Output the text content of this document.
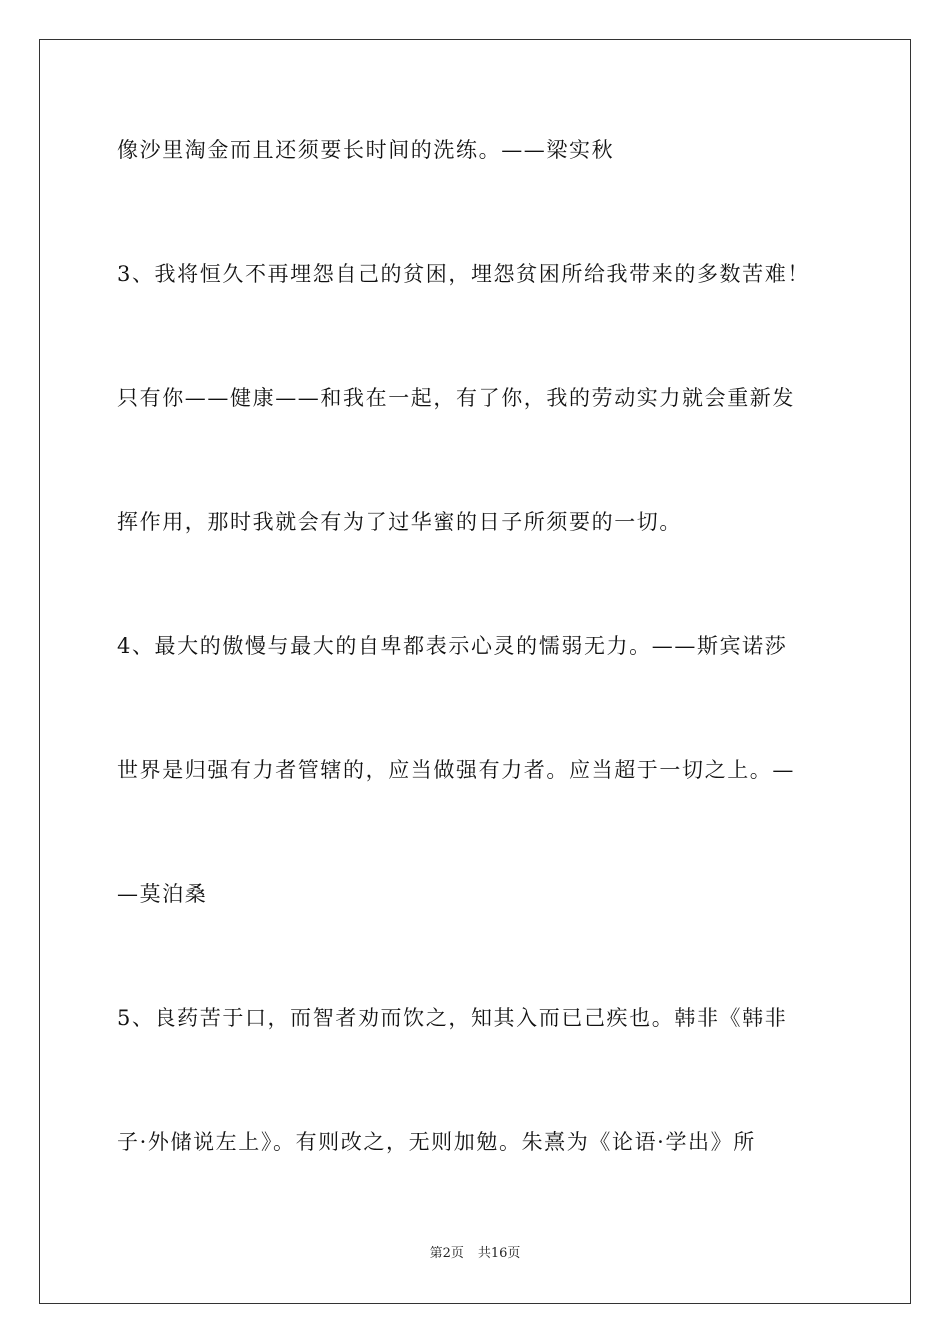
像沙里淘金而且还须要长时间的洗练。——梁实秋
3、我将恒久不再埋怨自己的贫困，埋怨贫困所给我带来的多数苦难！
只有你——健康——和我在一起，有了你，我的劳动实力就会重新发
挥作用，那时我就会有为了过华蜜的日子所须要的一切。
4、最大的傲慢与最大的自卑都表示心灵的懦弱无力。——斯宾诺莎
世界是归强有力者管辖的，应当做强有力者。应当超于一切之上。—
—莫泊桑
5、良药苦于口，而智者劝而饮之，知其入而已己疾也。韩非《韩非
子·外储说左上》。有则改之，无则加勉。朱熹为《论语·学出》所
第2页 共16页
